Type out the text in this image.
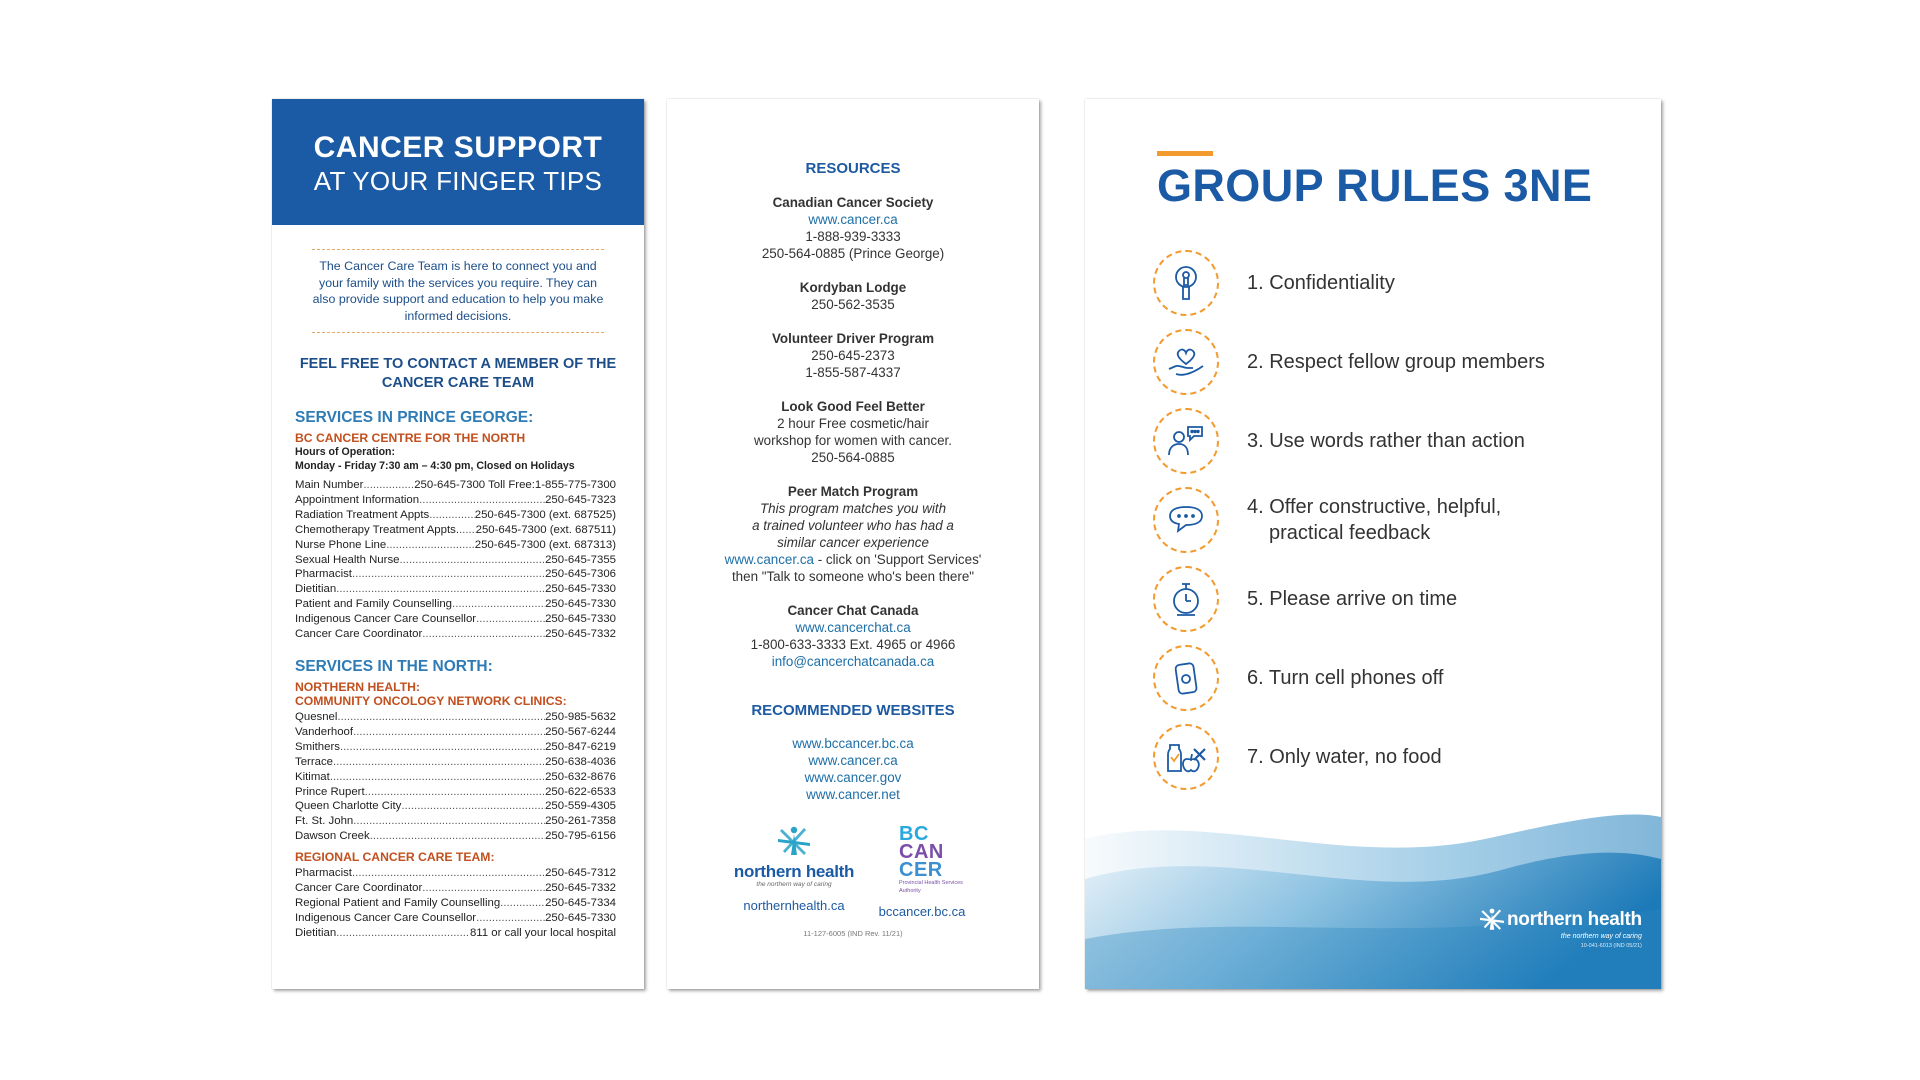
CANCER SUPPORT
AT YOUR FINGER TIPS
The Cancer Care Team is here to connect you and your family with the services you require. They can also provide support and education to help you make informed decisions.
FEEL FREE TO CONTACT A MEMBER OF THE CANCER CARE TEAM
SERVICES IN PRINCE GEORGE:
BC CANCER CENTRE FOR THE NORTH
Hours of Operation:
Monday - Friday 7:30 am – 4:30 pm, Closed on Holidays
Main Number .....	250-645-7300 Toll Free:1-855-775-7300
Appointment Information .....	250-645-7323
Radiation Treatment Appts .....	250-645-7300 (ext. 687525)
Chemotherapy Treatment Appts. ..... 250-645-7300 (ext. 687511)
Nurse Phone Line .....	250-645-7300 (ext. 687313)
Sexual Health Nurse .....	250-645-7355
Pharmacist .....	250-645-7306
Dietitian .....	250-645-7330
Patient and Family Counselling .....	250-645-7330
Indigenous Cancer Care Counsellor .....	250-645-7330
Cancer Care Coordinator .....	250-645-7332
SERVICES IN THE NORTH:
NORTHERN HEALTH:
COMMUNITY ONCOLOGY NETWORK CLINICS:
Quesnel .....	250-985-5632
Vanderhoof .....	250-567-6244
Smithers .....	250-847-6219
Terrace .....	250-638-4036
Kitimat .....	250-632-8676
Prince Rupert .....	250-622-6533
Queen Charlotte City .....	250-559-4305
Ft. St. John .....	250-261-7358
Dawson Creek .....	250-795-6156
REGIONAL CANCER CARE TEAM:
Pharmacist .....	250-645-7312
Cancer Care Coordinator .....	250-645-7332
Regional Patient and Family Counselling .....	250-645-7334
Indigenous Cancer Care Counsellor .....	250-645-7330
Dietitian .....	811 or call your local hospital
RESOURCES
Canadian Cancer Society
www.cancer.ca
1-888-939-3333
250-564-0885 (Prince George)
Kordyban Lodge
250-562-3535
Volunteer Driver Program
250-645-2373
1-855-587-4337
Look Good Feel Better
2 hour Free cosmetic/hair
workshop for women with cancer.
250-564-0885
Peer Match Program
This program matches you with
a trained volunteer who has had a
similar cancer experience
www.cancer.ca - click on 'Support Services'
then "Talk to someone who's been there"
Cancer Chat Canada
www.cancerchat.ca
1-800-633-3333 Ext. 4965 or 4966
info@cancerchatcanada.ca
RECOMMENDED WEBSITES
www.bccancer.bc.ca
www.cancer.ca
www.cancer.gov
www.cancer.net
northern health
the northern way of caring
northernhealth.ca
BC
CAN
CER
Provincial Health Services Authority
bccancer.bc.ca
11-127-6005 (IND Rev. 11/21)
GROUP RULES 3NE
1. Confidentiality
2. Respect fellow group members
3. Use words rather than action
4. Offer constructive, helpful,
practical feedback
5. Please arrive on time
6. Turn cell phones off
7. Only water, no food
northern health
the northern way of caring
10-041-6013 (IND 05/21)
